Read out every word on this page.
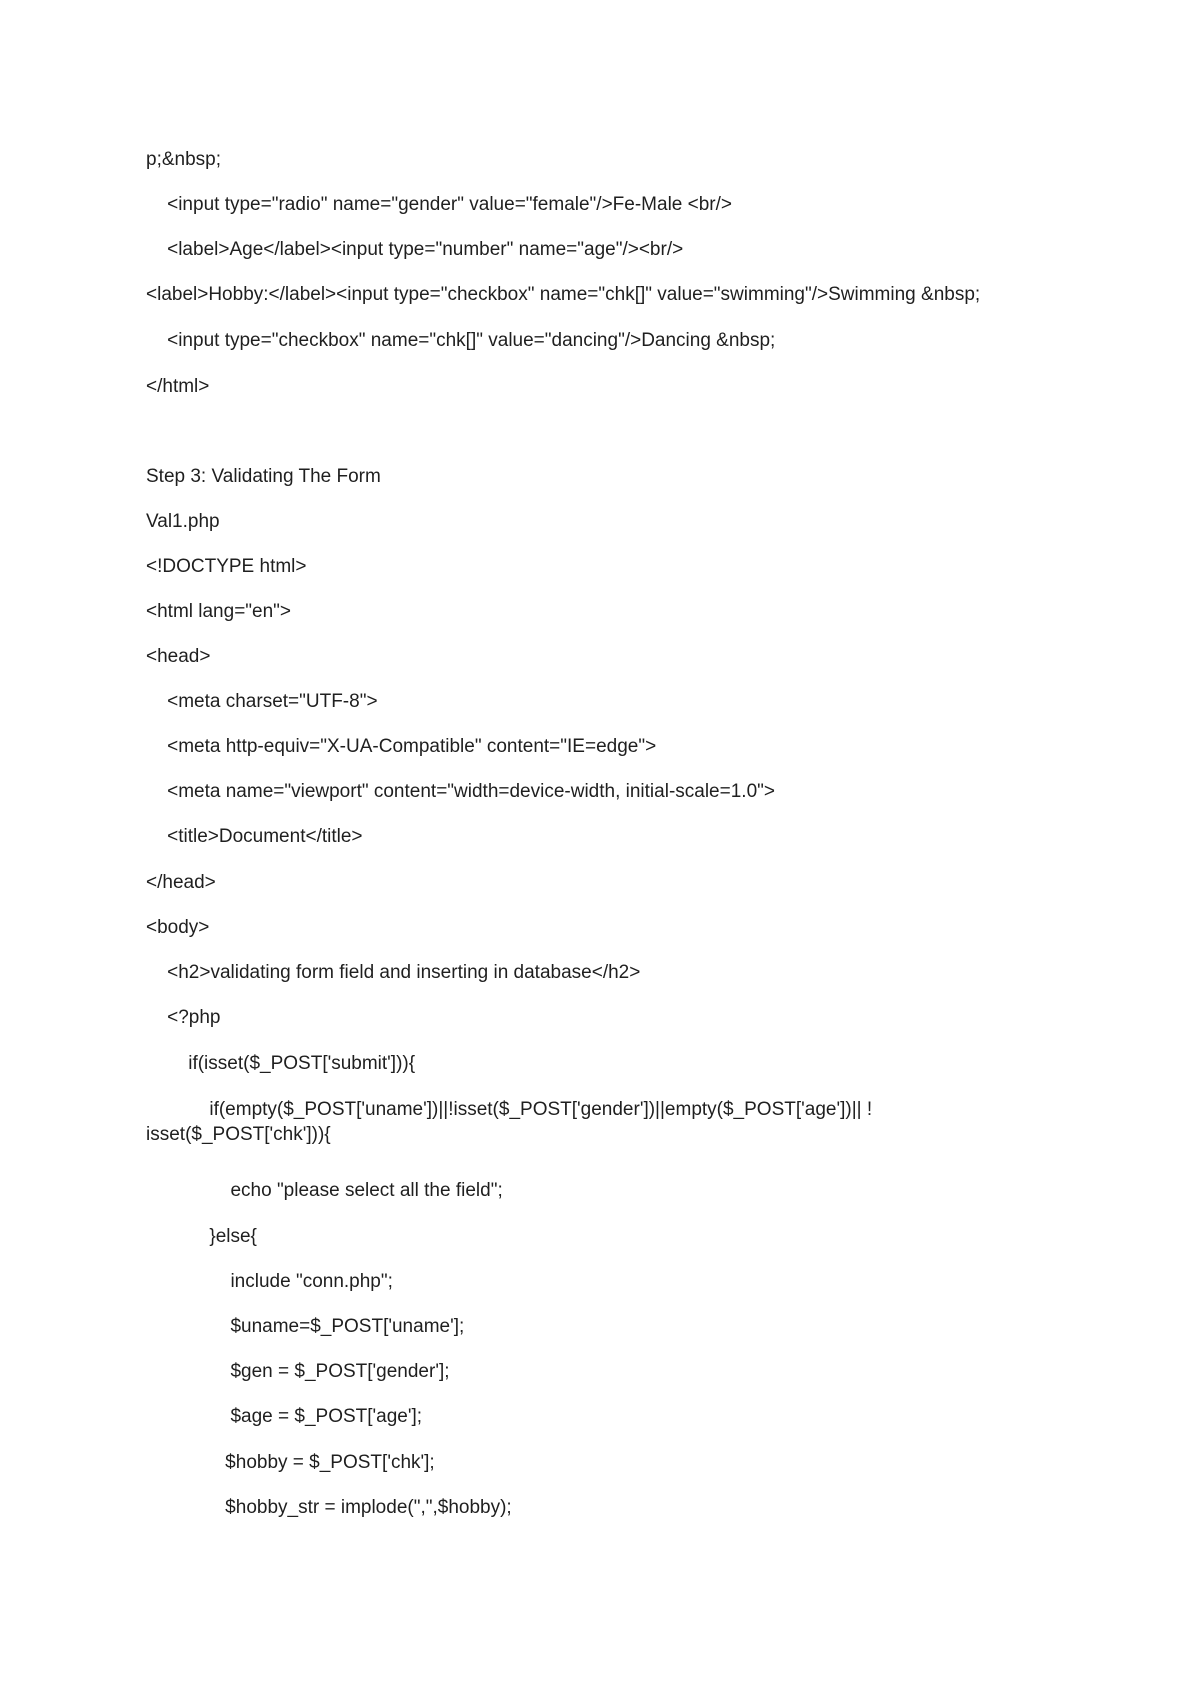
p;&nbsp;

<input type="radio" name="gender" value="female"/>Fe-Male <br/>

<label>Age</label><input type="number" name="age"/><br/>

<label>Hobby:</label><input type="checkbox" name="chk[]" value="swimming"/>Swimming &nbsp;

<input type="checkbox" name="chk[]" value="dancing"/>Dancing &nbsp;

</html>

Step 3: Validating The Form

Val1.php

<!DOCTYPE html>

<html lang="en">

<head>

<meta charset="UTF-8">

<meta http-equiv="X-UA-Compatible" content="IE=edge">

<meta name="viewport" content="width=device-width, initial-scale=1.0">

<title>Document</title>

</head>

<body>

<h2>validating form field and inserting in database</h2>

<?php

if(isset($_POST['submit'])){

if(empty($_POST['uname'])||!isset($_POST['gender'])||empty($_POST['age'])|| !

isset($_POST['chk'])){

echo "please select all the field";

}else{

include "conn.php";

$uname=$_POST['uname'];

$gen = $_POST['gender'];

$age = $_POST['age'];

$hobby = $_POST['chk'];

$hobby_str = implode(",",$hobby);
